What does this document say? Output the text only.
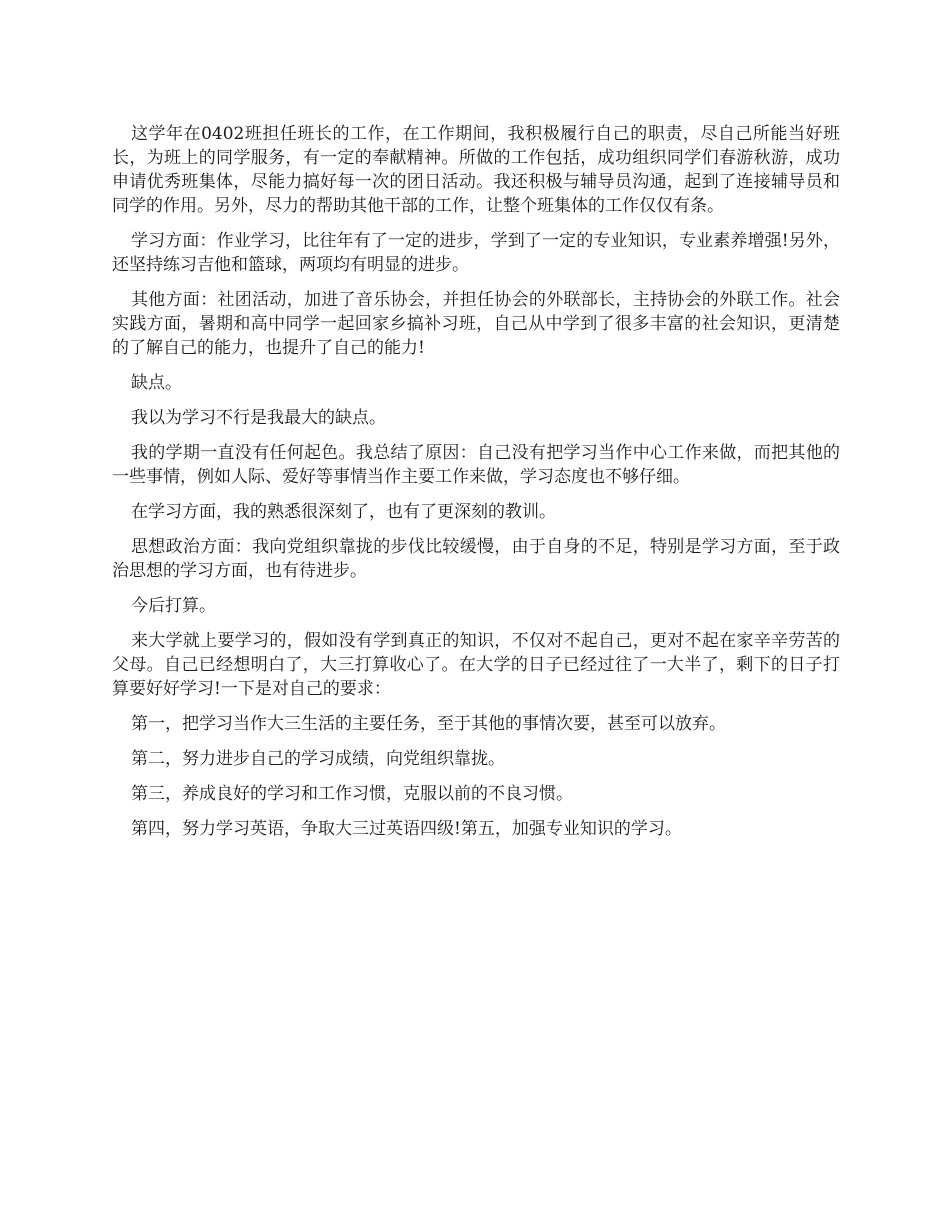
这学年在0402班担任班长的工作，在工作期间，我积极履行自己的职责，尽自己所能当好班长，为班上的同学服务，有一定的奉献精神。所做的工作包括，成功组织同学们春游秋游，成功申请优秀班集体，尽能力搞好每一次的团日活动。我还积极与辅导员沟通，起到了连接辅导员和同学的作用。另外，尽力的帮助其他干部的工作，让整个班集体的工作仅仅有条。

学习方面：作业学习，比往年有了一定的进步，学到了一定的专业知识，专业素养增强!另外，还坚持练习吉他和篮球，两项均有明显的进步。

其他方面：社团活动，加进了音乐协会，并担任协会的外联部长，主持协会的外联工作。社会实践方面，暑期和高中同学一起回家乡搞补习班，自己从中学到了很多丰富的社会知识，更清楚的了解自己的能力，也提升了自己的能力!

缺点。

我以为学习不行是我最大的缺点。

我的学期一直没有任何起色。我总结了原因：自己没有把学习当作中心工作来做，而把其他的一些事情，例如人际、爱好等事情当作主要工作来做，学习态度也不够仔细。

在学习方面，我的熟悉很深刻了，也有了更深刻的教训。

思想政治方面：我向党组织靠拢的步伐比较缓慢，由于自身的不足，特别是学习方面，至于政治思想的学习方面，也有待进步。

今后打算。

来大学就上要学习的，假如没有学到真正的知识，不仅对不起自己，更对不起在家辛辛劳苦的父母。自己已经想明白了，大三打算收心了。在大学的日子已经过往了一大半了，剩下的日子打算要好好学习!一下是对自己的要求：

第一，把学习当作大三生活的主要任务，至于其他的事情次要，甚至可以放弃。

第二，努力进步自己的学习成绩，向党组织靠拢。

第三，养成良好的学习和工作习惯，克服以前的不良习惯。

第四，努力学习英语，争取大三过英语四级!第五，加强专业知识的学习。
